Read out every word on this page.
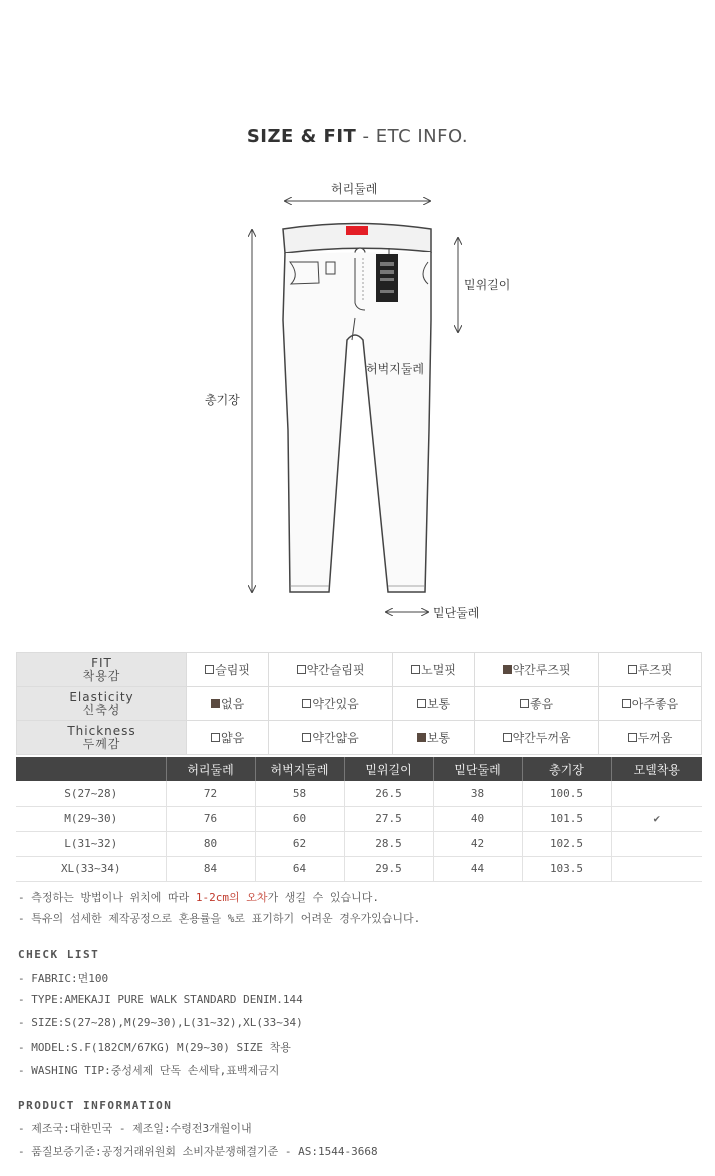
SIZE & FIT - ETC INFO.
허리둘레
밑위길이
허벅지둘레
총기장
밑단둘레
FIT
착용감	슬림핏	약간슬림핏	노멀핏	약간루즈핏	루즈핏

Elasticity
신축성	없음	약간있음	보통	좋음	아주좋음

Thickness
두께감	얇음	약간얇음	보통	약간두꺼움	두꺼움
	허리둘레	허벅지둘레	밑위길이	밑단둘레	총기장	모델착용
S(27~28)	72	58	26.5	38	100.5	
M(29~30)	76	60	27.5	40	101.5	✔
L(31~32)	80	62	28.5	42	102.5	
XL(33~34)	84	64	29.5	44	103.5	
- 측정하는 방법이나 위치에 따라 1-2cm의 오차가 생길 수 있습니다.
- 특유의 섬세한 제작공정으로 혼용률을 %로 표기하기 어려운 경우가있습니다.
CHECK LIST
- FABRIC:면100
- TYPE:AMEKAJI PURE WALK STANDARD DENIM.144
- SIZE:S(27~28),M(29~30),L(31~32),XL(33~34)
- MODEL:S.F(182CM/67KG) M(29~30) SIZE 착용
- WASHING TIP:중성세제 단독 손세탁,표백제금지
PRODUCT INFORMATION
- 제조국:대한민국 - 제조일:수령전3개월이내
- 품질보증기준:공정거래위원회 소비자분쟁해결기준 - AS:1544-3668
